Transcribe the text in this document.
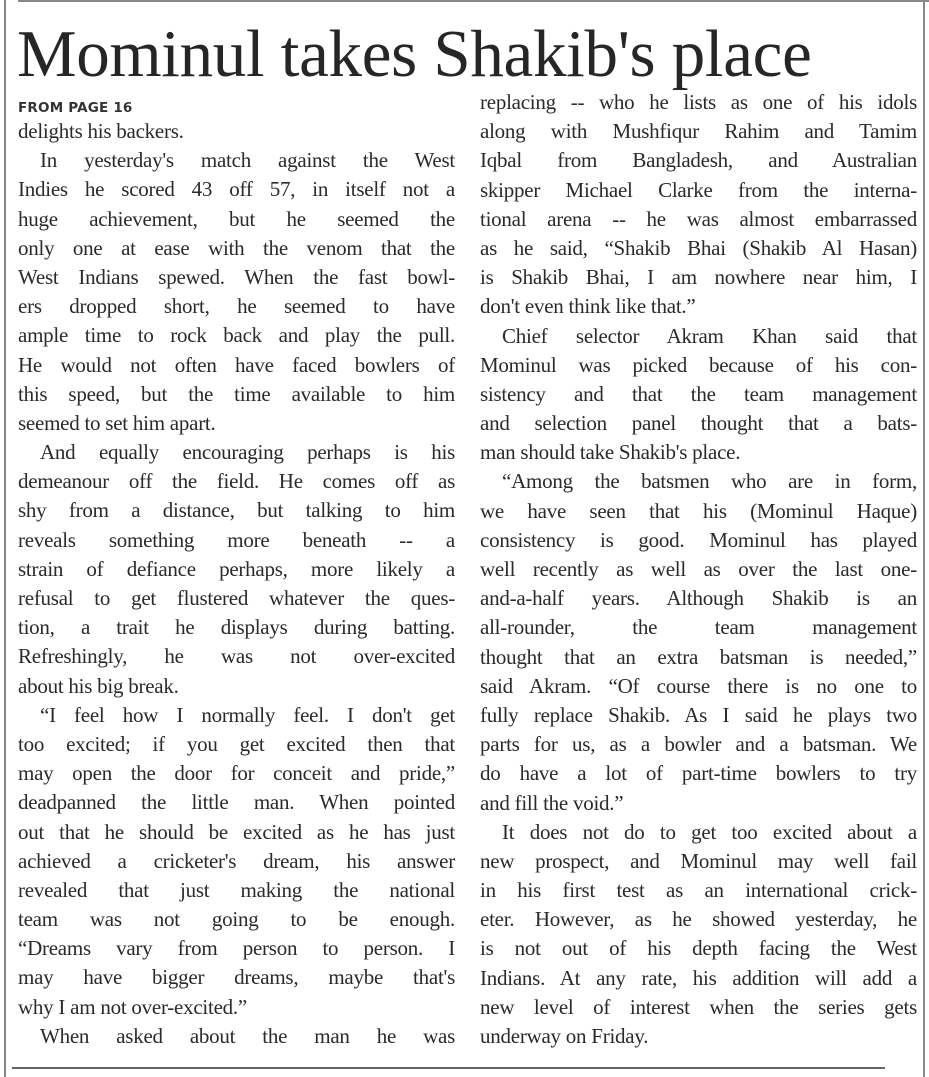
Mominul takes Shakib's place
FROM PAGE 16
delights his backers.
In yesterday's match against the West
Indies he scored 43 off 57, in itself not a
huge achievement, but he seemed the
only one at ease with the venom that the
West Indians spewed. When the fast bowl-
ers dropped short, he seemed to have
ample time to rock back and play the pull.
He would not often have faced bowlers of
this speed, but the time available to him
seemed to set him apart.
And equally encouraging perhaps is his
demeanour off the field. He comes off as
shy from a distance, but talking to him
reveals something more beneath -- a
strain of defiance perhaps, more likely a
refusal to get flustered whatever the ques-
tion, a trait he displays during batting.
Refreshingly, he was not over-excited
about his big break.
“I feel how I normally feel. I don't get
too excited; if you get excited then that
may open the door for conceit and pride,”
deadpanned the little man. When pointed
out that he should be excited as he has just
achieved a cricketer's dream, his answer
revealed that just making the national
team was not going to be enough.
“Dreams vary from person to person. I
may have bigger dreams, maybe that's
why I am not over-excited.”
When asked about the man he was
replacing -- who he lists as one of his idols
along with Mushfiqur Rahim and Tamim
Iqbal from Bangladesh, and Australian
skipper Michael Clarke from the interna-
tional arena -- he was almost embarrassed
as he said, “Shakib Bhai (Shakib Al Hasan)
is Shakib Bhai, I am nowhere near him, I
don't even think like that.”
Chief selector Akram Khan said that
Mominul was picked because of his con-
sistency and that the team management
and selection panel thought that a bats-
man should take Shakib's place.
“Among the batsmen who are in form,
we have seen that his (Mominul Haque)
consistency is good. Mominul has played
well recently as well as over the last one-
and-a-half years. Although Shakib is an
all-rounder, the team management
thought that an extra batsman is needed,”
said Akram. “Of course there is no one to
fully replace Shakib. As I said he plays two
parts for us, as a bowler and a batsman. We
do have a lot of part-time bowlers to try
and fill the void.”
It does not do to get too excited about a
new prospect, and Mominul may well fail
in his first test as an international crick-
eter. However, as he showed yesterday, he
is not out of his depth facing the West
Indians. At any rate, his addition will add a
new level of interest when the series gets
underway on Friday.
